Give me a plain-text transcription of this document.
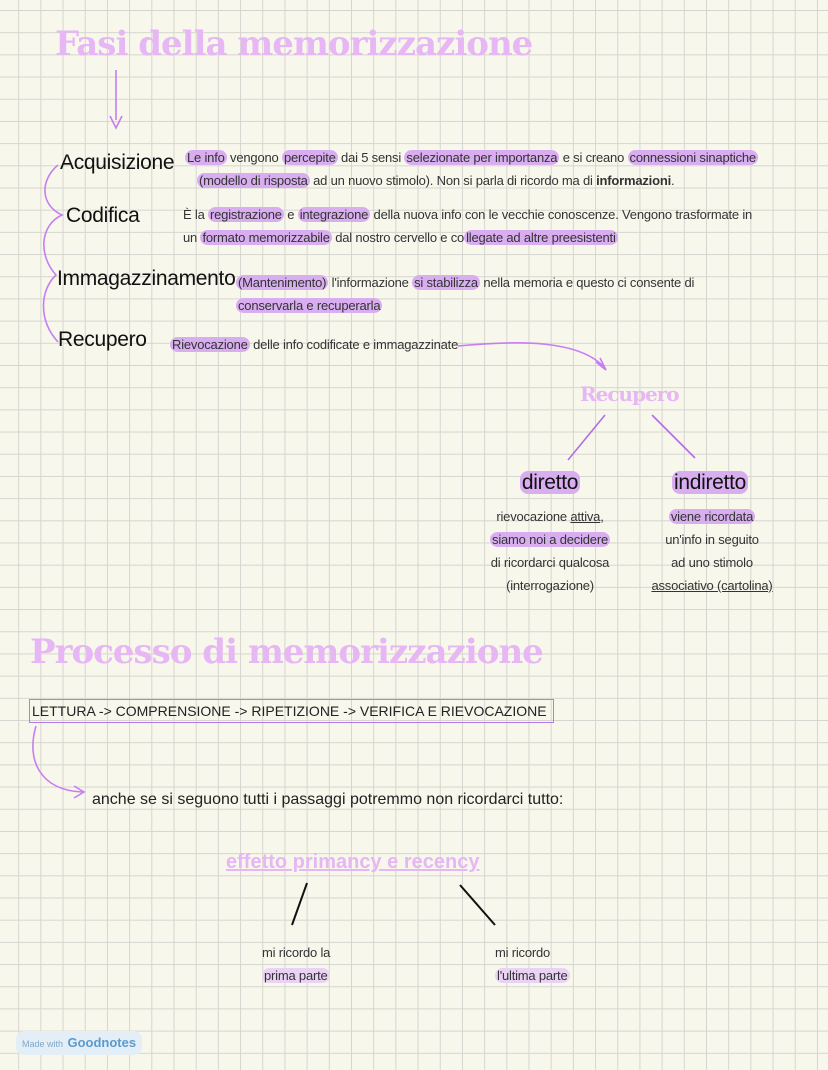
Fasi della memorizzazione
Acquisizione Le info vengono percepite dai 5 sensi selezionate per importanza e si creano connessioni sinaptiche
(modello di risposta ad un nuovo stimolo). Non si parla di ricordo ma di informazioni.
Codifica	È la registrazione e integrazione della nuova info con le vecchie conoscenze. Vengono trasformate in
un formato memorizzabile dal nostro cervello e co llegate ad altre preesistenti
Immagazzinamento (Mantenimento) l'informazione si stabilizza nella memoria e questo ci consente di
conservarla e recuperarla
Recupero Rievocazione delle info codificate e immagazzinate
Recupero
diretto
rievocazione attiva,
siamo noi a decidere
di ricordarci qualcosa
(interrogazione)
indiretto
viene ricordata
un'info in seguito
ad uno stimolo
associativo (cartolina)
Processo di memorizzazione
LETTURA -> COMPRENSIONE -> RIPETIZIONE -> VERIFICA E RIEVOCAZIONE
anche se si seguono tutti i passaggi potremmo non ricordarci tutto:
effetto primancy e recency
mi ricordo la
prima parte
mi ricordo
l'ultima parte
Made with Goodnotes
